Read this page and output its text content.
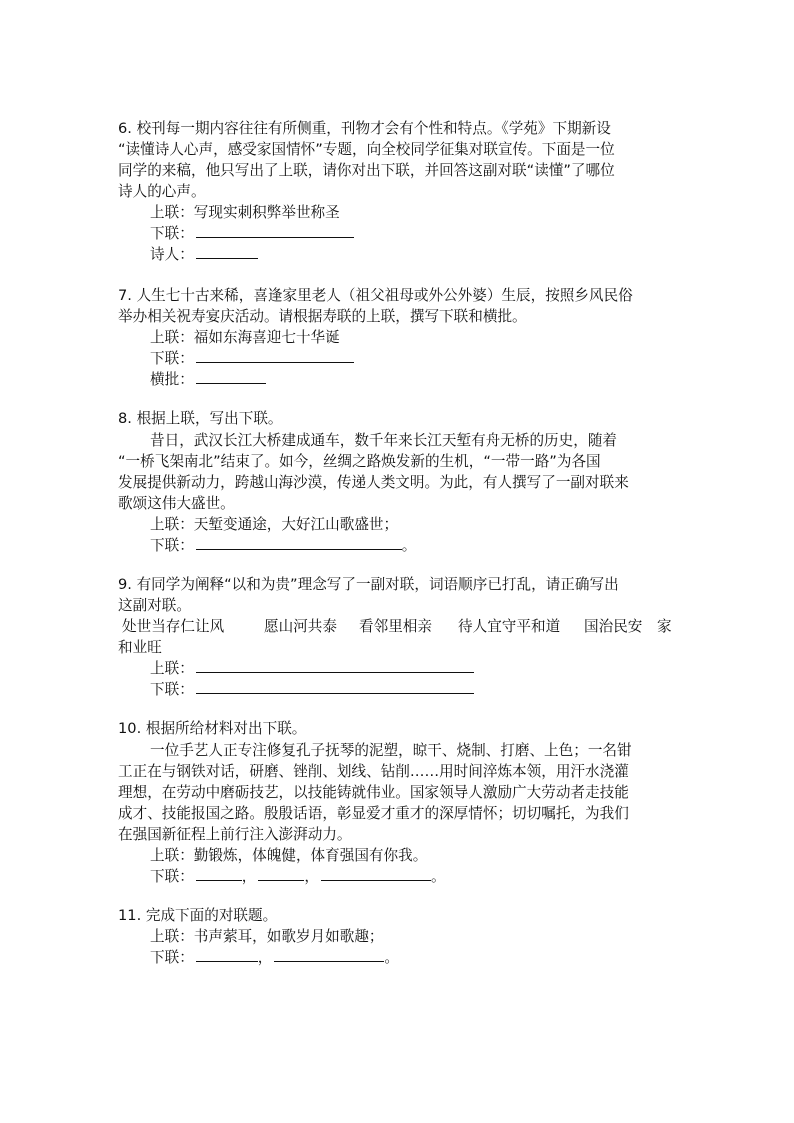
6. 校刊每一期内容往往有所侧重，刊物才会有个性和特点。《学苑》下期新设
“读懂诗人心声，感受家国情怀”专题，向全校同学征集对联宣传。下面是一位
同学的来稿，他只写出了上联，请你对出下联，并回答这副对联“读懂”了哪位
诗人的心声。
上联：写现实刺积弊举世称圣
下联：
诗人：
7. 人生七十古来稀，喜逢家里老人（祖父祖母或外公外婆）生辰，按照乡风民俗
举办相关祝寿宴庆活动。请根据寿联的上联，撰写下联和横批。
上联：福如东海喜迎七十华诞
下联：
横批：
8. 根据上联，写出下联。
昔日，武汉长江大桥建成通车，数千年来长江天堑有舟无桥的历史，随着
“一桥飞架南北”结束了。如今，丝绸之路焕发新的生机，“一带一路”为各国
发展提供新动力，跨越山海沙漠，传递人类文明。为此，有人撰写了一副对联来
歌颂这伟大盛世。
上联：天堑变通途，大好江山歌盛世；
下联：	。
9. 有同学为阐释“以和为贵”理念写了一副对联，词语顺序已打乱，请正确写出
这副对联。
处世当存仁让风	愿山河共泰 看邻里相亲 待人宜守平和道 国治民安 家
和业旺
上联：
下联：
10. 根据所给材料对出下联。
一位手艺人正专注修复孔子抚琴的泥塑，晾干、烧制、打磨、上色；一名钳
工正在与钢铁对话，研磨、锉削、划线、钻削……用时间淬炼本领，用汗水浇灌
理想，在劳动中磨砺技艺，以技能铸就伟业。国家领导人激励广大劳动者走技能
成才、技能报国之路。殷殷话语，彰显爱才重才的深厚情怀；切切嘱托，为我们
在强国新征程上前行注入澎湃动力。
上联：勤锻炼，体魄健，体育强国有你我。
下联：	，	，	。
11. 完成下面的对联题。
上联：书声萦耳，如歌岁月如歌趣；
下联：	，	。
